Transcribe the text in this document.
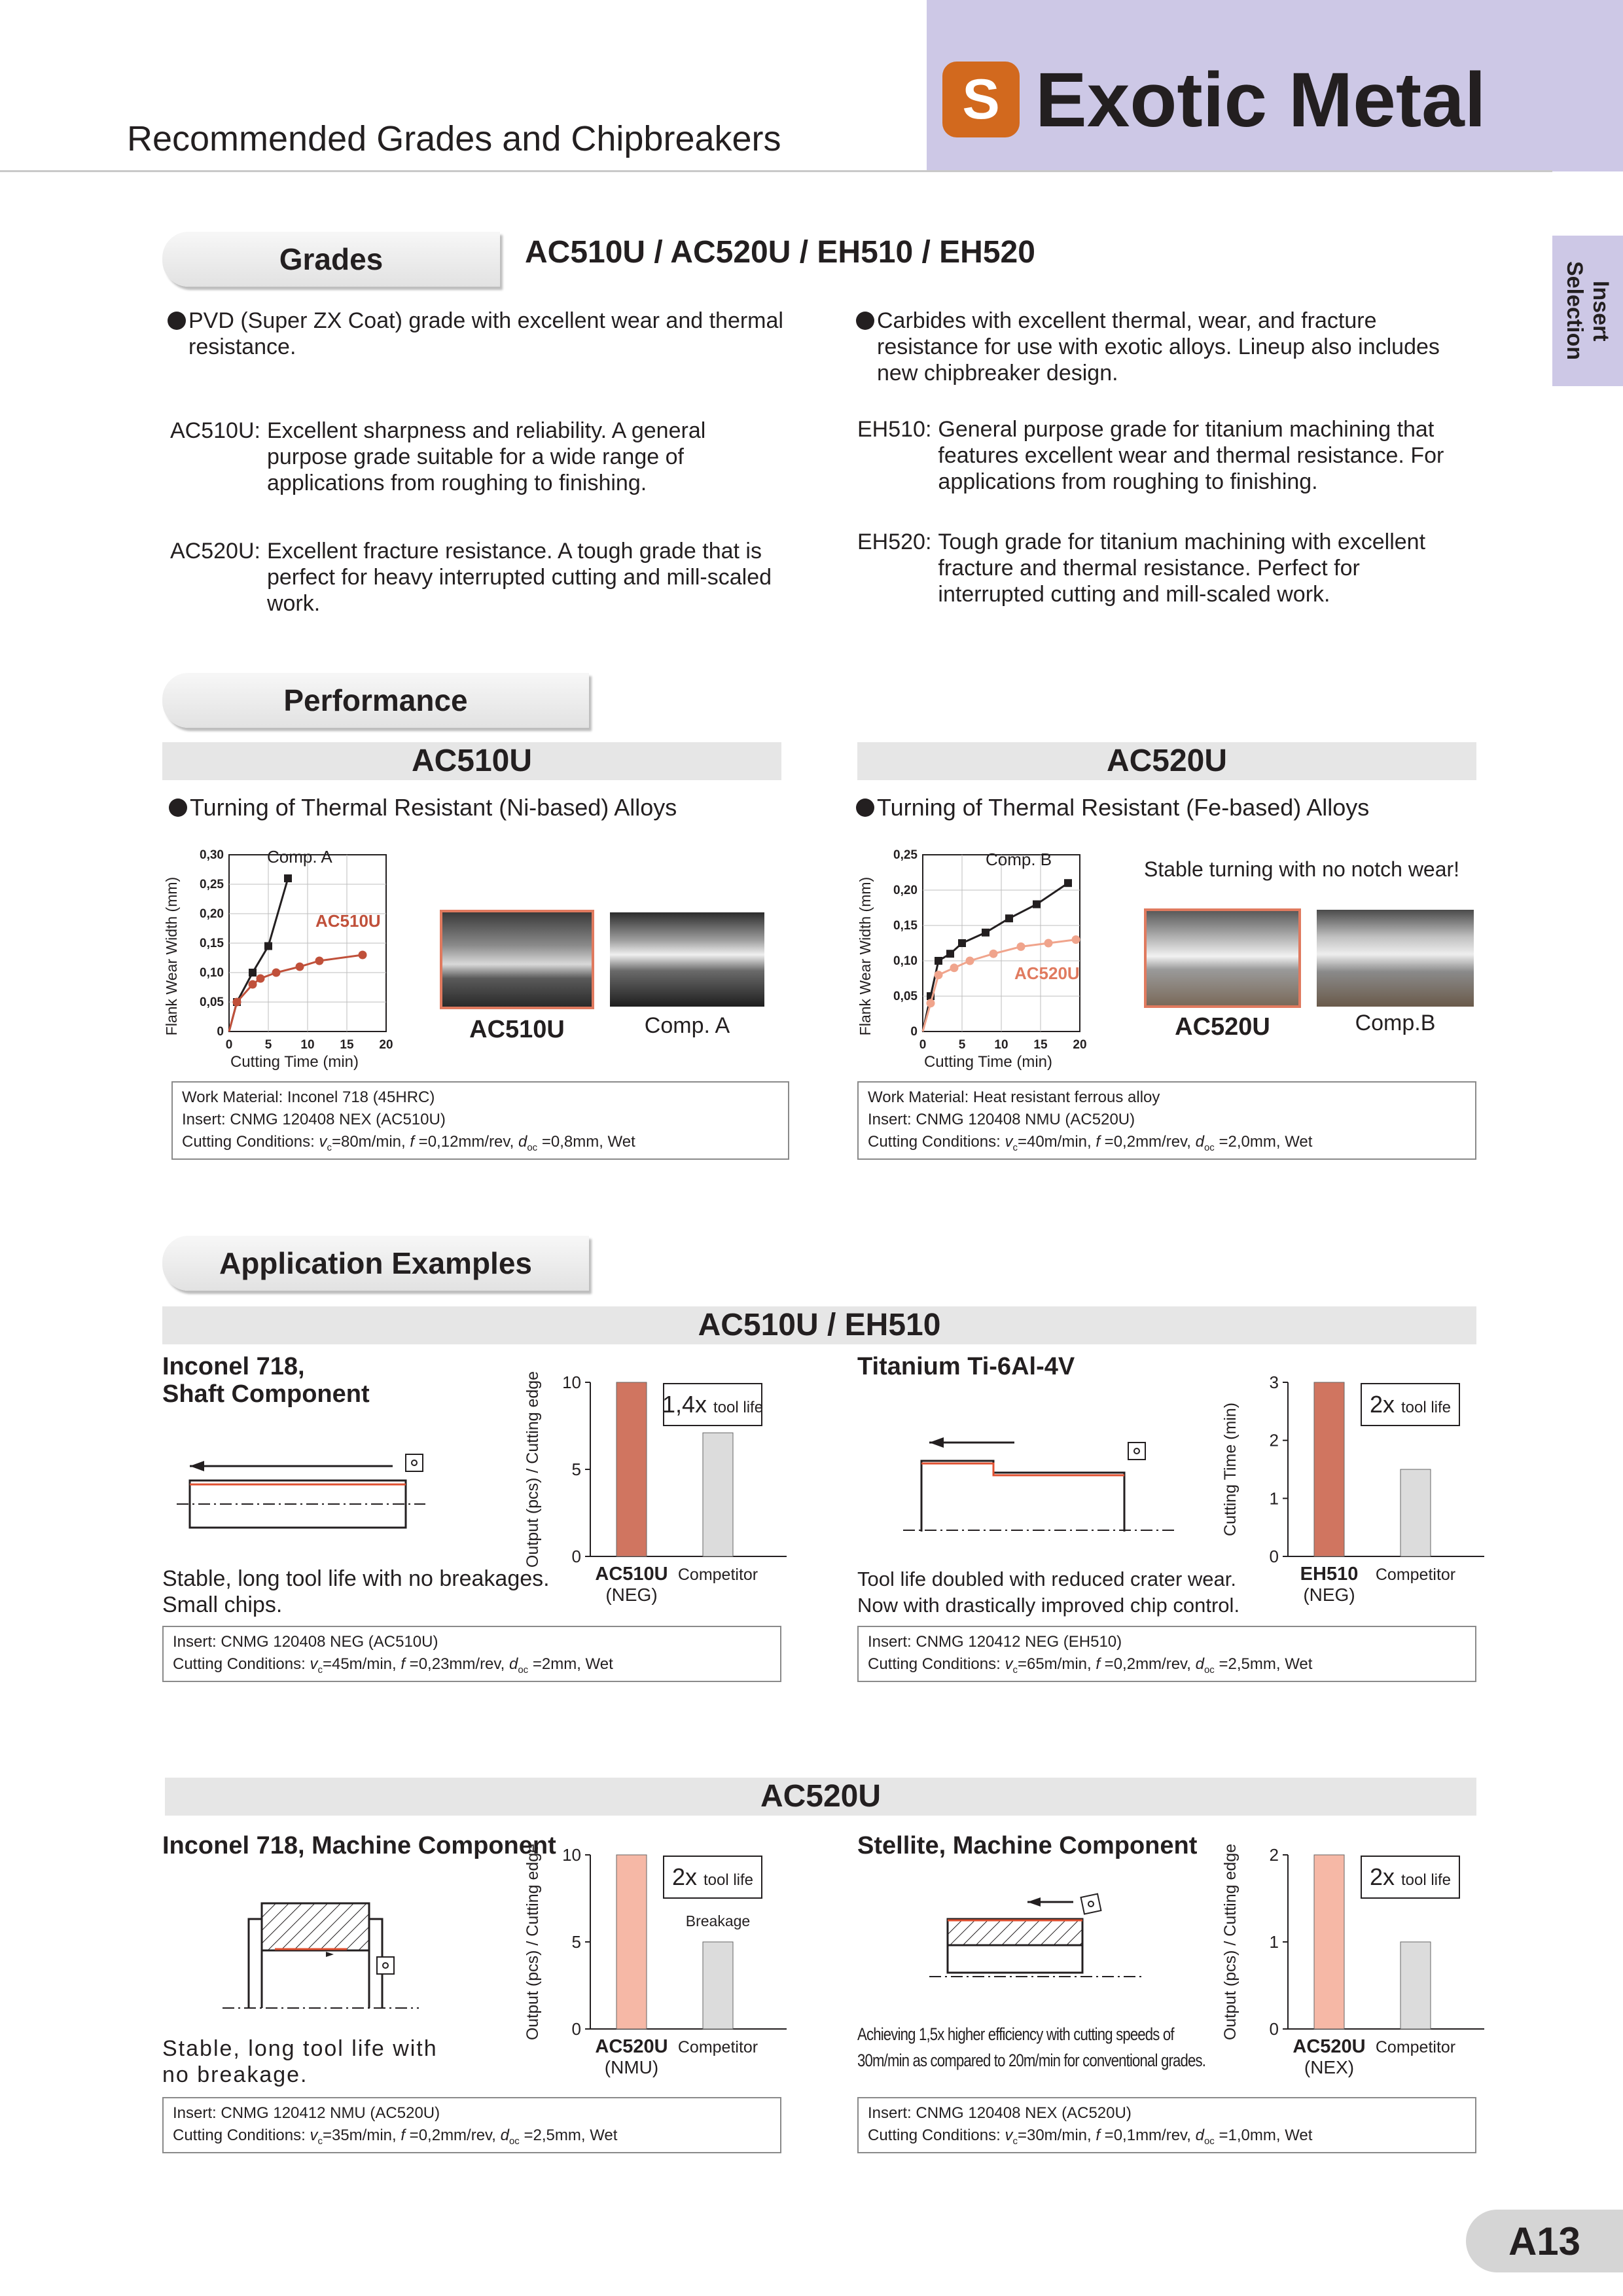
S Exotic Metal
Recommended Grades and Chipbreakers
Insert Selection
Grades	AC510U / AC520U / EH510 / EH520
PVD (Super ZX Coat) grade with excellent wear and thermal resistance.
Carbides with excellent thermal, wear, and fracture resistance for use with exotic alloys. Lineup also includes new chipbreaker design.
AC510U: Excellent sharpness and reliability. A general purpose grade suitable for a wide range of applications from roughing to finishing.
AC520U: Excellent fracture resistance. A tough grade that is perfect for heavy interrupted cutting and mill-scaled work.
EH510: General purpose grade for titanium machining that features excellent wear and thermal resistance. For applications from roughing to finishing.
EH520: Tough grade for titanium machining with excellent fracture and thermal resistance. Perfect for interrupted cutting and mill-scaled work.
Performance
AC510U	AC520U
Turning of Thermal Resistant (Ni-based) Alloys	Turning of Thermal Resistant (Fe-based) Alloys
0
0,05
0,10
0,15
0,20
0,25
0,30
0	5 10 15 20
Cutting Time (min)
Flank Wear Width (mm)
Comp. A
AC510U
0
0,05
0,10
0,15
0,20
0,25
0	5 10 15 20
Cutting Time (min)
Flank Wear Width (mm)
Comp. B
AC520U
AC510U	Comp. A
Stable turning with no notch wear!
AC520U	Comp.B
Work Material: Inconel 718 (45HRC)
Insert: CNMG 120408 NEX (AC510U)
Cutting Conditions: $v_c=80m/\min$, f =0,12mm/rev, $d_{oc} =0,8mm$, Wet
Work Material: Heat resistant ferrous alloy
Insert: CNMG 120408 NMU (AC520U)
Cutting Conditions: $v_c=40m/\min$, f =0,2mm/rev, $d_{oc} =2,0mm$, Wet
Application Examples
AC510U / EH510
Inconel 718,
Shaft Component
0
5
10
Output (pcs) / Cutting edge
AC510U
(NEG)
Competitor
1,4x tool life
Stable, long tool life with no breakages.
Small chips.
Insert: CNMG 120408 NEG (AC510U)
Cutting Conditions: $v_c=45m/\min$, f =0,23mm/rev, $d_{oc} =2mm$, Wet
Titanium Ti-6Al-4V
0
1
2
3
Cutting Time (min)
EH510
(NEG)
Competitor
2x tool life
Tool life doubled with reduced crater wear.
Now with drastically improved chip control.
Insert: CNMG 120412 NEG (EH510)
Cutting Conditions: $v_c=65m/\min$, f =0,2mm/rev, $d_{oc} =2,5mm$, Wet
AC520U
Inconel 718, Machine Component
0
5
10
Output (pcs) / Cutting edge
AC520U
(NMU)
Competitor
2x tool life
Breakage
Stable, long tool life with
no breakage.
Insert: CNMG 120412 NMU (AC520U)
Cutting Conditions: $v_c=35m/\min$, f =0,2mm/rev, $d_{oc} =2,5mm$, Wet
Stellite, Machine Component
0
1
2
Output (pcs) / Cutting edge
AC520U
(NEX)
Competitor
2x tool life
Achieving 1,5x higher efficiency with cutting speeds of
30m/min as compared to 20m/min for conventional grades.
Insert: CNMG 120408 NEX (AC520U)
Cutting Conditions: $v_c=30m/\min$, f =0,1mm/rev, $d_{oc} =1,0mm$, Wet
A13
